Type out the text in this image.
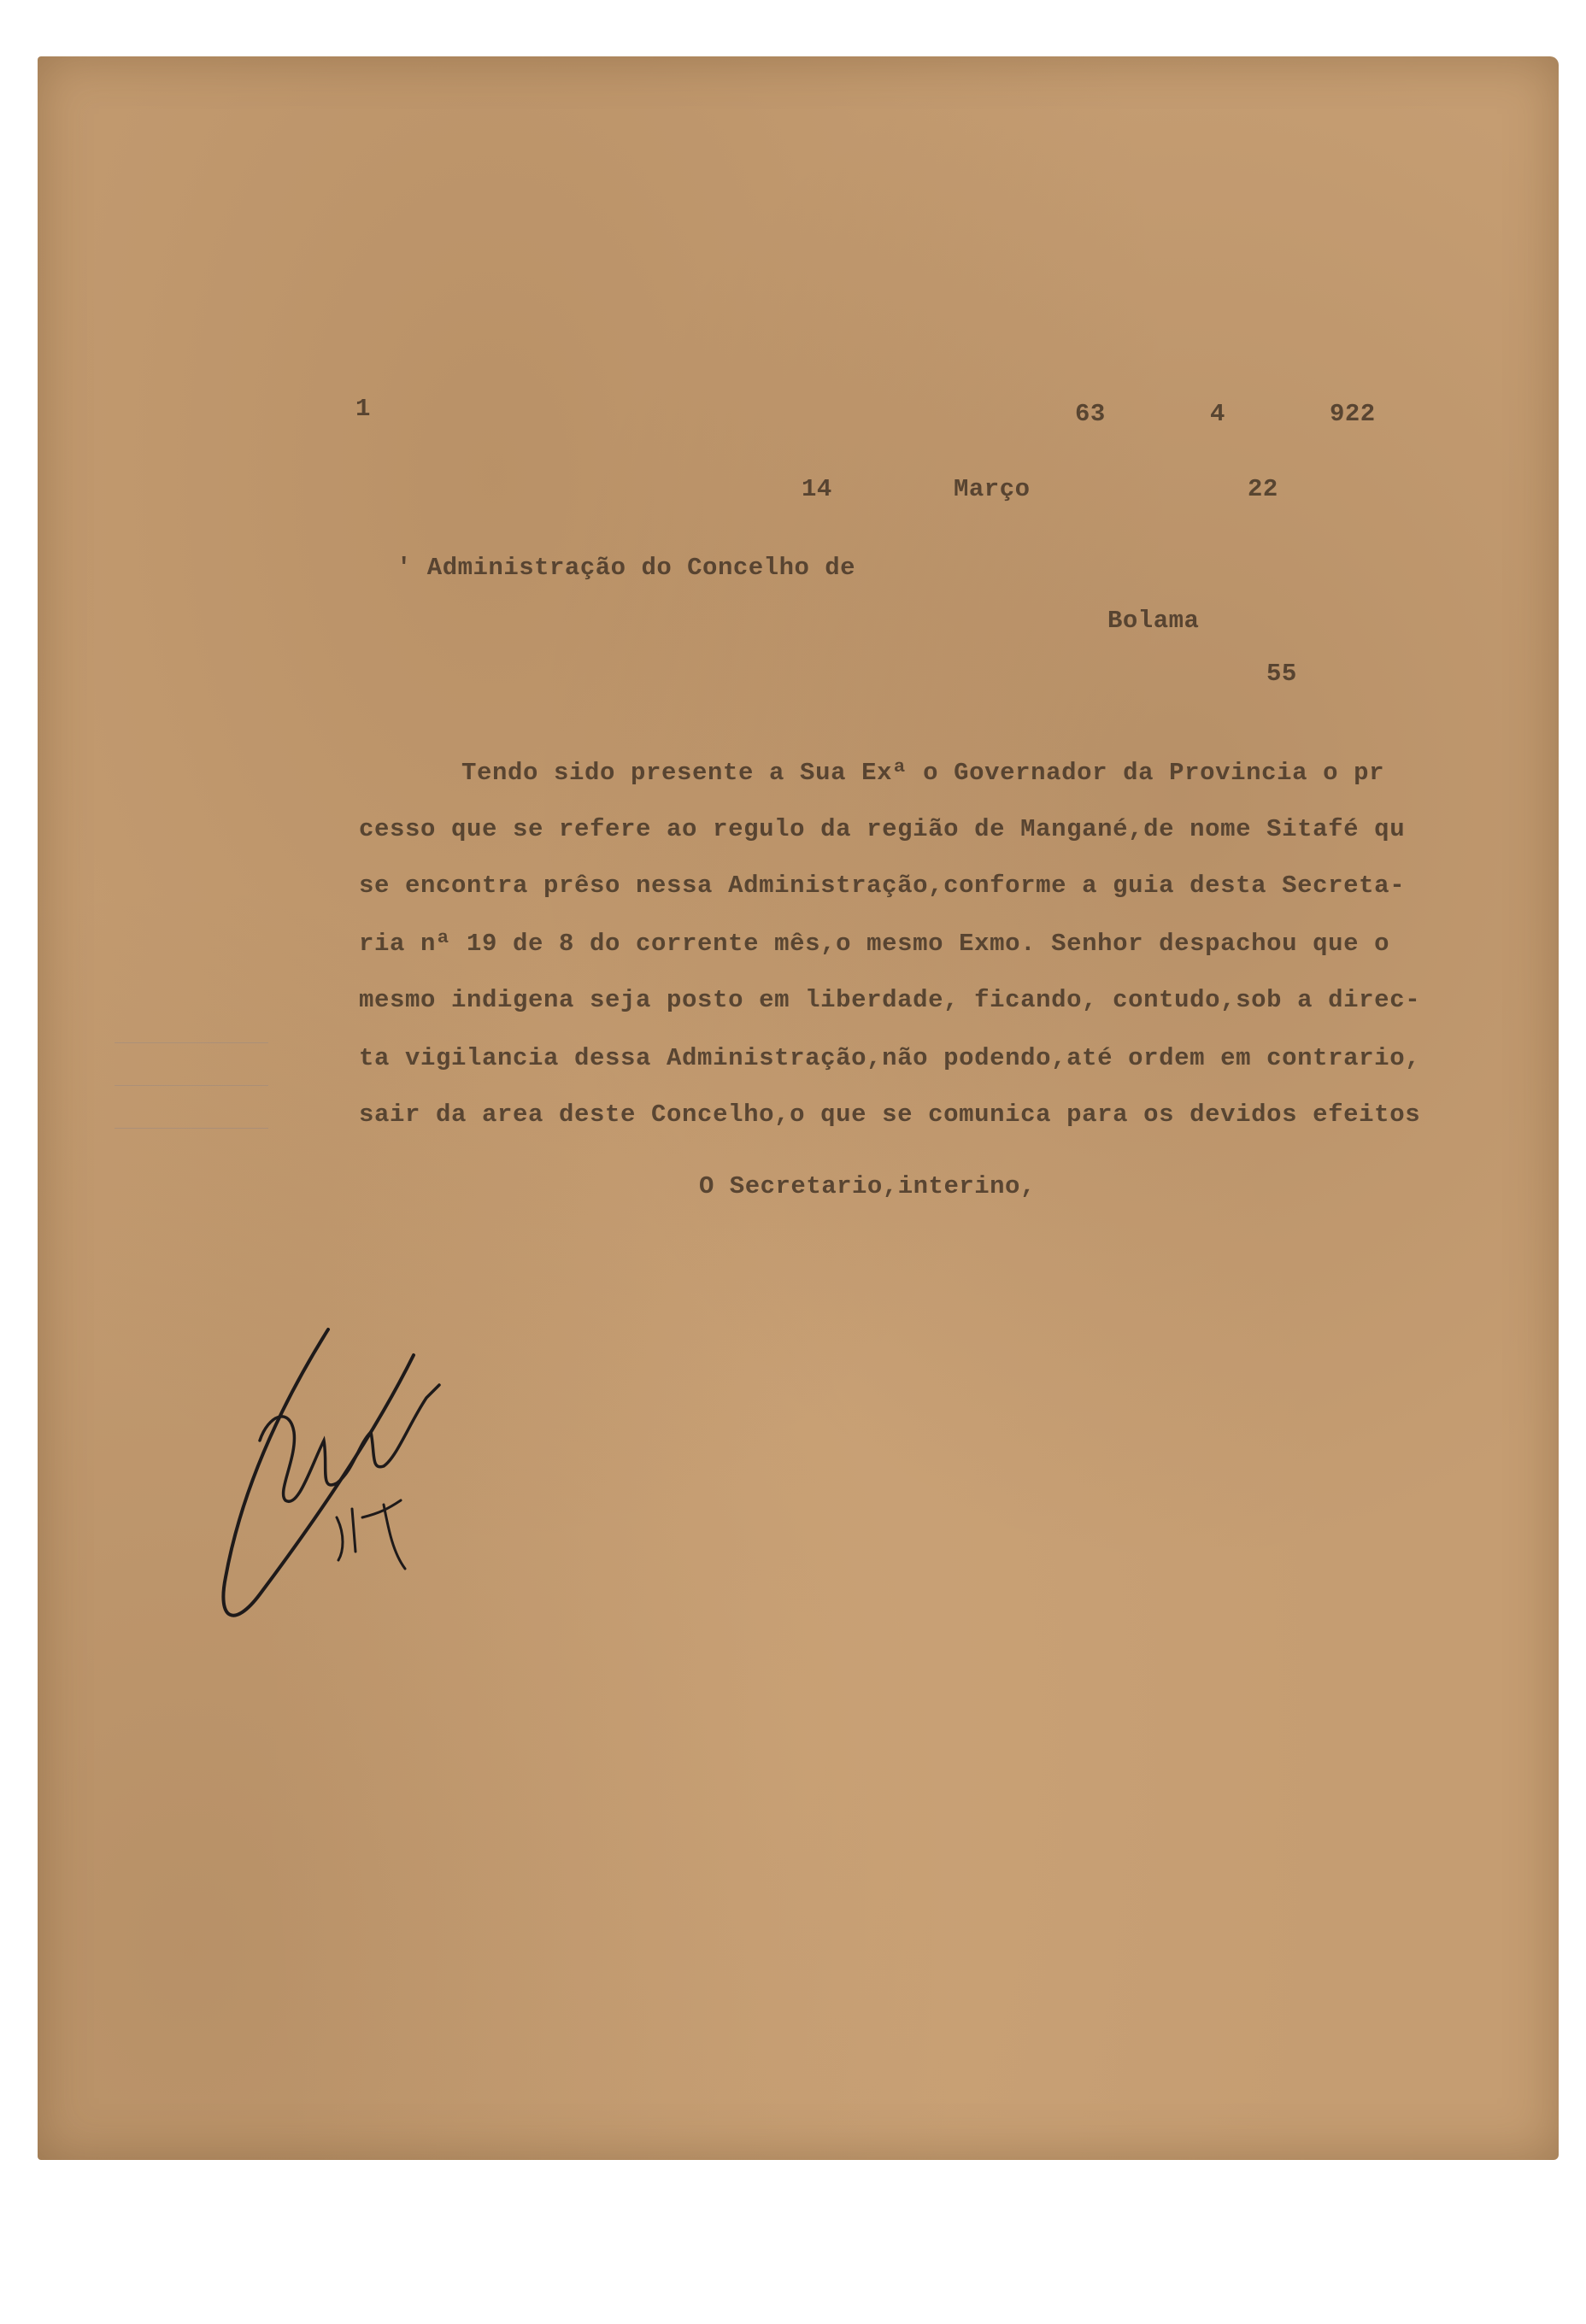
1	63	4	922
14	Março	22
' Administração do Concelho de
Bolama
55
Tendo sido presente a Sua Exª o Governador da Provincia o pr
cesso que se refere ao regulo da região de Mangané,de nome Sitafé qu
se encontra prêso nessa Administração,conforme a guia desta Secreta-
ria nª 19 de 8 do corrente mês,o mesmo Exmo. Senhor despachou que o
mesmo indigena seja posto em liberdade, ficando, contudo,sob a direc-
ta vigilancia dessa Administração,não podendo,até ordem em contrario,
sair da area deste Concelho,o que se comunica para os devidos efeitos
O Secretario,interino,
